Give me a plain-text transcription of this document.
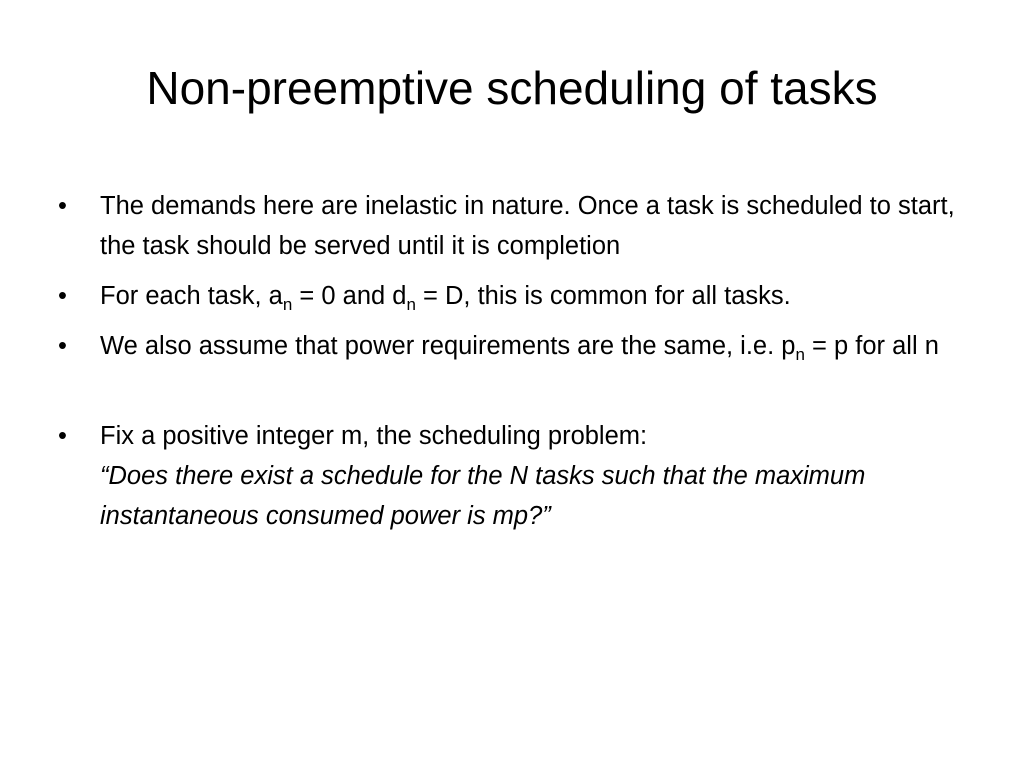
Non-preemptive scheduling of tasks
•	The demands here are inelastic in nature. Once a task is scheduled to start, the task should be served until it is completion
•	For each task, $a_n = 0$ and $d_n = D$, this is common for all tasks.
•	We also assume that power requirements are the same, i.e. $p_n = p$ for all n
•	Fix a positive integer m, the scheduling problem:
“Does there exist a schedule for the N tasks such that the maximum instantaneous consumed power is mp?”
